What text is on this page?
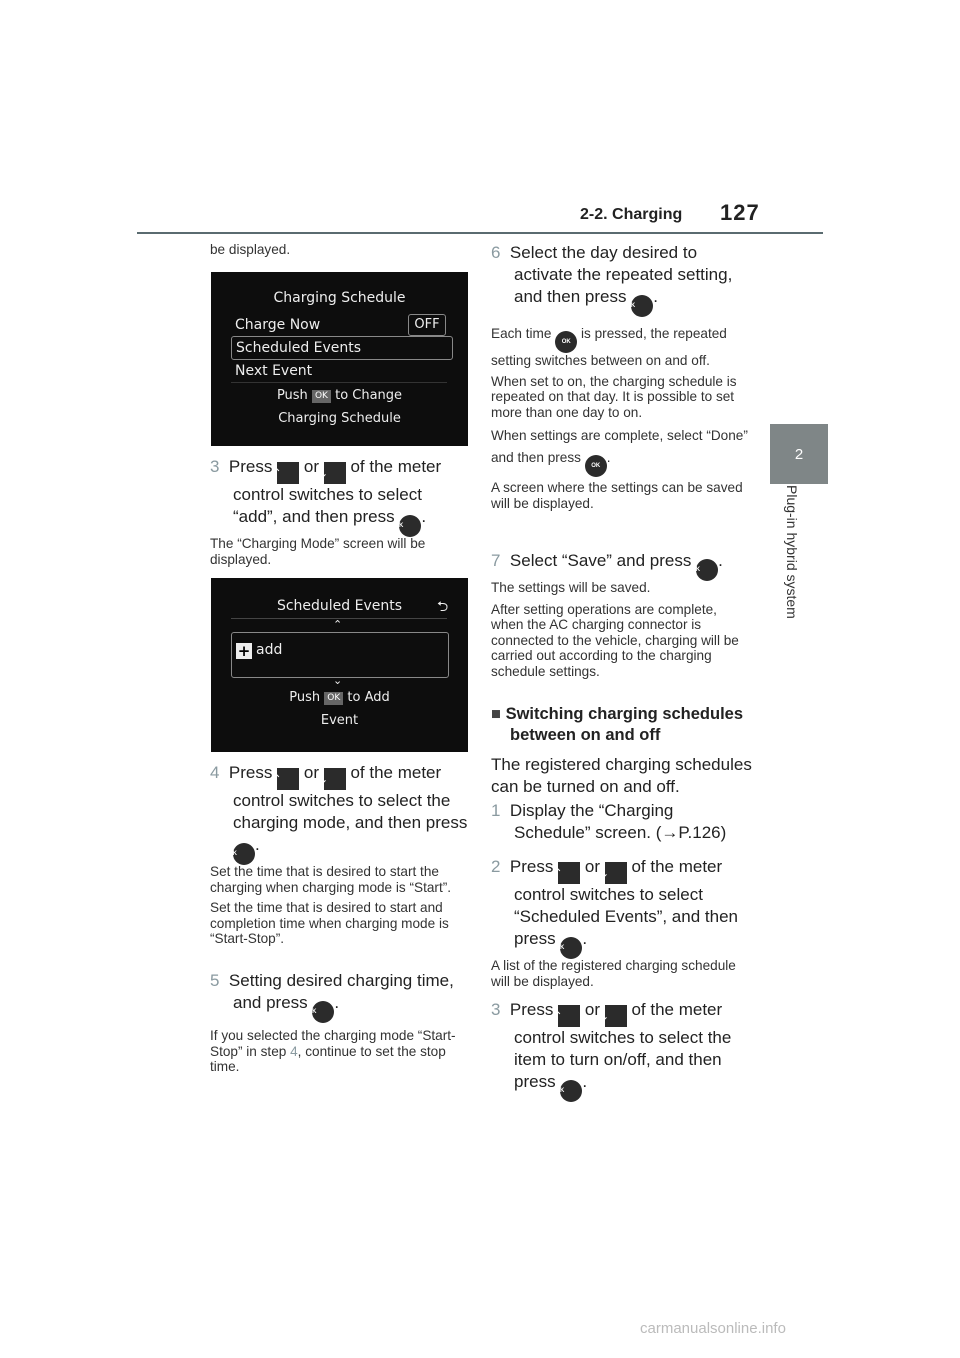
2-2. Charging 127
2
Plug-in hybrid system

be displayed.

Charging Schedule
Charge Now	OFF
Scheduled Events
Next Event
Push OK to Change
Charging Schedule

3 Press ⌃ or ⌄ of the meter control switches to select “add”, and then press OK .

The “Charging Mode” screen will be displayed.

Scheduled Events	⮌
⌃
+ add
⌄
Push OK to Add
Event

4 Press ⌃ or ⌄ of the meter control switches to select the charging mode, and then press OK .

Set the time that is desired to start the charging when charging mode is “Start”.

Set the time that is desired to start and completion time when charging mode is “Start-Stop”.

5 Setting desired charging time, and press OK .

If you selected the charging mode “Start-Stop” in step 4, continue to set the stop time.

6 Select the day desired to activate the repeated setting, and then press OK .

Each time OK is pressed, the repeated setting switches between on and off.

When set to on, the charging schedule is repeated on that day. It is possible to set more than one day to on.

When settings are complete, select “Done” and then press OK.

A screen where the settings can be saved will be displayed.

7 Select “Save” and press OK .

The settings will be saved.

After setting operations are complete, when the AC charging connector is connected to the vehicle, charging will be carried out according to the charging schedule settings.

■ Switching charging schedules between on and off

The registered charging schedules can be turned on and off.

1 Display the “Charging Schedule” screen. (→P.126)

2 Press ⌃ or ⌄ of the meter control switches to select “Scheduled Events”, and then press OK .

A list of the registered charging schedule will be displayed.

3 Press ⌃ or ⌄ of the meter control switches to select the item to turn on/off, and then press OK .

carmanualsonline.info
